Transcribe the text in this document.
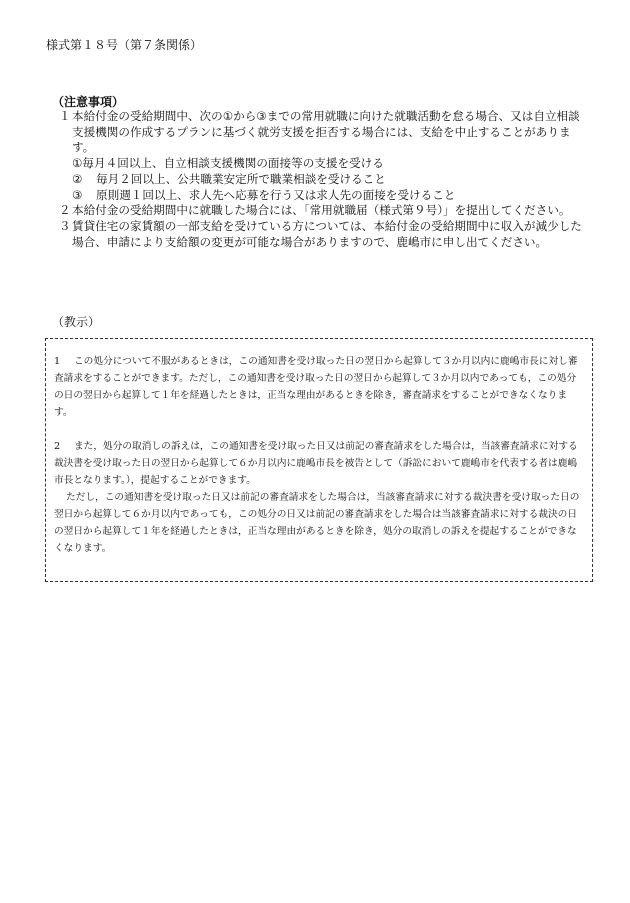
様式第１８号（第７条関係）
（注意事項）
１ 本給付金の受給期間中、次の①から③までの常用就職に向けた就職活動を怠る場合、又は自立相談支援機関の作成するプランに基づく就労支援を拒否する場合には、支給を中止することがあります。
①毎月４回以上、自立相談支援機関の面接等の支援を受ける
② 毎月２回以上、公共職業安定所で職業相談を受けること
③ 原則週１回以上、求人先へ応募を行う又は求人先の面接を受けること
２ 本給付金の受給期間中に就職した場合には、「常用就職届（様式第９号）」を提出してください。
３ 賃貸住宅の家賃額の一部支給を受けている方については、本給付金の受給期間中に収入が減少した場合、申請により支給額の変更が可能な場合がありますので、鹿嶋市に申し出てください。
（教示）

1 この処分について不服があるときは，この通知書を受け取った日の翌日から起算して３か月以内に鹿嶋市長に対し審査請求をすることができます。ただし，この通知書を受け取った日の翌日から起算して３か月以内であっても，この処分の日の翌日から起算して１年を経過したときは，正当な理由があるときを除き，審査請求をすることができなくなります。

2 また，処分の取消しの訴えは，この通知書を受け取った日又は前記の審査請求をした場合は，当該審査請求に対する裁決書を受け取った日の翌日から起算して６か月以内に鹿嶋市長を被告として（訴訟において鹿嶋市を代表する者は鹿嶋市長となります。），提起することができます。
ただし，この通知書を受け取った日又は前記の審査請求をした場合は，当該審査請求に対する裁決書を受け取った日の翌日から起算して６か月以内であっても，この処分の日又は前記の審査請求をした場合は当該審査請求に対する裁決の日の翌日から起算して１年を経過したときは，正当な理由があるときを除き，処分の取消しの訴えを提起することができなくなります。
